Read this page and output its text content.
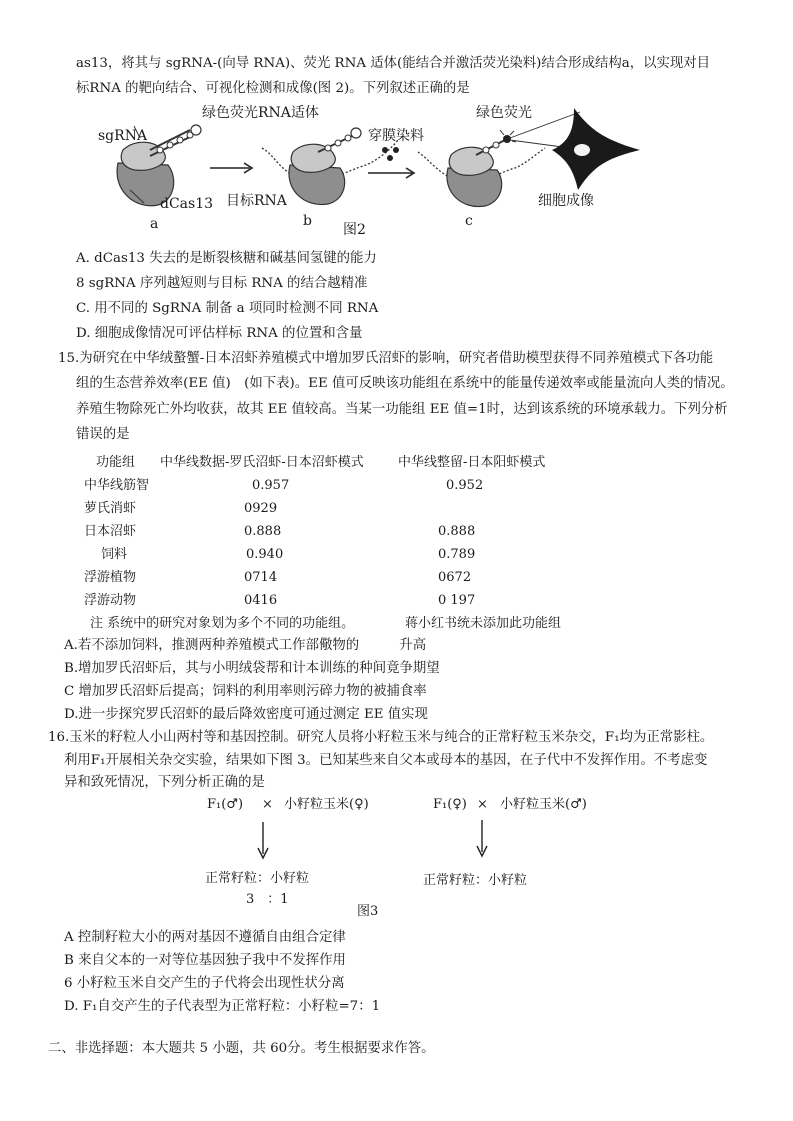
as13，将其与 sgRNA-(向导 RNA)、荧光 RNA 适体(能结合并激活荧光染料)结合形成结构a，以实现对目
标RNA 的靶向结合、可视化检测和成像(图 2)。下列叙述正确的是
绿色荧光RNA适体
sgRNA
dCas13
a
目标RNA
b
穿膜染料
绿色荧光
c
细胞成像
图2
A. dCas13 失去的是断裂核糖和碱基间氢键的能力
8 sgRNA 序列越短则与目标 RNA 的结合越精准
C. 用不同的 SgRNA 制备 a 项同时检测不同 RNA
D. 细胞成像情况可评估样标 RNA 的位置和含量
15.为研究在中华绒螯蟹-日本沼虾养殖模式中增加罗氏沼虾的影响，研究者借助模型获得不同养殖模式下各功能
组的生态营养效率(EE 值)　(如下表)。EE 值可反映该功能组在系统中的能量传递效率或能量流向人类的情况。
养殖生物除死亡外均收获，故其 EE 值较高。当某一功能组 EE 值=1时，达到该系统的环境承载力。下列分析
错误的是
功能组 中华线数据-罗氏沼虾-日本沼虾模式	中华线整留-日本阳虾模式
中华线筋智	0.957	0.952
萝氏消虾	0929
日本沼虾	0.888	0.888
饲料	0.940	0.789
浮游植物	0714	0672
浮游动物	0416	0 197
注 系统中的研究对象划为多个不同的功能组。	蒋小红书统未添加此功能组
A.若不添加饲料，推测两种养殖模式工作部儆物的　　　升高
B.增加罗氏沼虾后，其与小明绒袋帮和计本训练的种间竟争期望
C 增加罗氏沼虾后提高；饲料的利用率则污碎力物的被捕食率
D.进一步探究罗氏沼虾的最后降效密度可通过测定 EE 值实现
16.玉米的籽粒人小山两村等和基因控制。研究人员将小籽粒玉米与纯合的正常籽粒玉米杂交，F₁均为正常影柱。
利用F₁开展相关杂交实验，结果如下图 3。已知某些来自父本或母本的基因，在子代中不发挥作用。不考虑变
异和致死情况，下列分析正确的是
F₁(♂) × 小籽粒玉米(♀)	F₁(♀) × 小籽粒玉米(♂)
正常籽粒：小籽粒
3　：1
正常籽粒：小籽粒
图3
A 控制籽粒大小的两对基因不遵循自由组合定律
B 来自父本的一对等位基因独子我中不发挥作用
6 小籽粒玉米自交产生的子代将会出现性状分离
D. F₁自交产生的子代表型为正常籽粒：小籽粒=7：1
二、非选择题：本大题共 5 小题，共 60分。考生根据要求作答。
